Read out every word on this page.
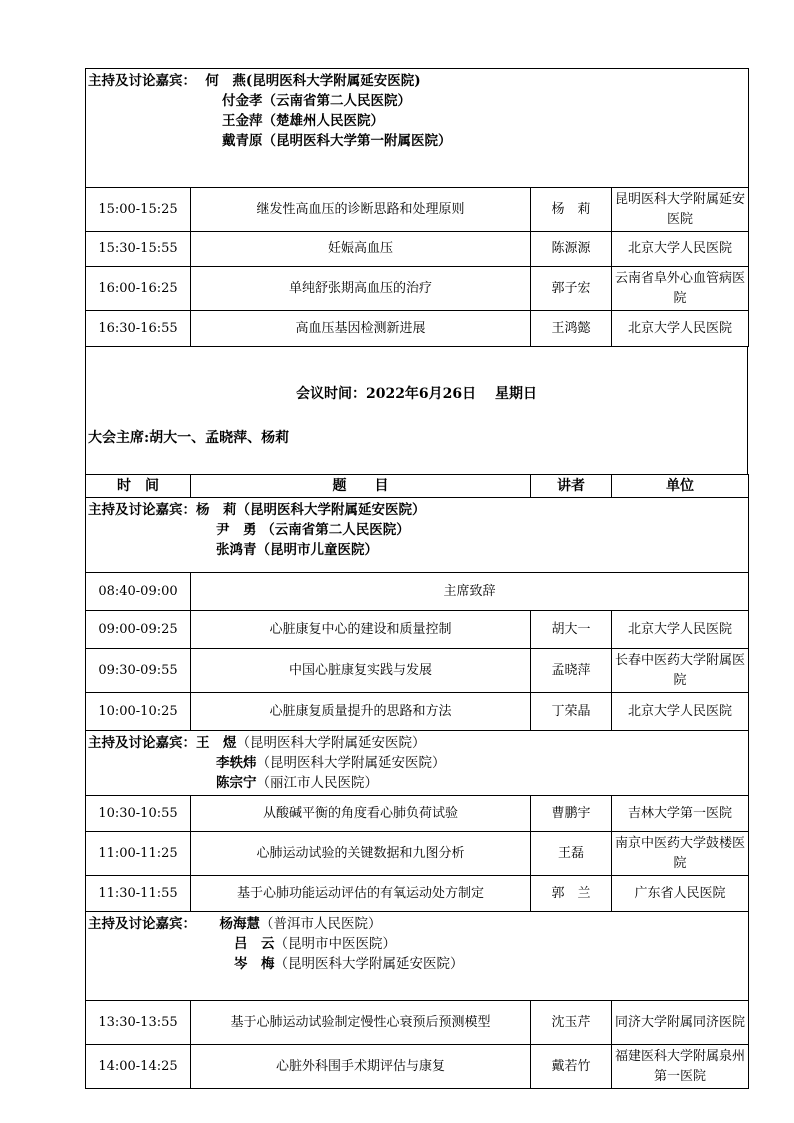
主持及讨论嘉宾： 何　燕(昆明医科大学附属延安医院)
付金孝（云南省第二人民医院）
王金萍（楚雄州人民医院）
戴青原（昆明医科大学第一附属医院）			

15:00-15:25	继发性高血压的诊断思路和处理原则	杨　莉	昆明医科大学附属延安医院
15:30-15:55	妊娠高血压	陈源源	北京大学人民医院
16:00-16:25	单纯舒张期高血压的治疗	郭子宏	云南省阜外心血管病医院
16:30-16:55	高血压基因检测新进展	王鸿懿	北京大学人民医院
会议时间：2022年6月26日　 星期日
大会主席:胡大一、孟晓萍、杨莉
时　间	题　　目	讲者	单位

主持及讨论嘉宾：杨　莉（昆明医科大学附属延安医院）
尹　勇 （云南省第二人民医院）
张鸿青（昆明市儿童医院）			

08:40-09:00	主席致辞		
09:00-09:25	心脏康复中心的建设和质量控制	胡大一	北京大学人民医院
09:30-09:55	中国心脏康复实践与发展	孟晓萍	长春中医药大学附属医院
10:00-10:25	心脏康复质量提升的思路和方法	丁荣晶	北京大学人民医院

主持及讨论嘉宾：王　煜（昆明医科大学附属延安医院）
李轶炜（昆明医科大学附属延安医院）
陈宗宁（丽江市人民医院）			

10:30-10:55	从酸碱平衡的角度看心肺负荷试验	曹鹏宇	吉林大学第一医院
11:00-11:25	心肺运动试验的关键数据和九图分析	王磊	南京中医药大学鼓楼医院
11:30-11:55	基于心肺功能运动评估的有氧运动处方制定	郭　兰	广东省人民医院

主持及讨论嘉宾： 杨海慧（普洱市人民医院）
吕　云（昆明市中医医院）
岑　梅（昆明医科大学附属延安医院）			

13:30-13:55	基于心肺运动试验制定慢性心衰预后预测模型	沈玉芹	同济大学附属同济医院
14:00-14:25	心脏外科围手术期评估与康复	戴若竹	福建医科大学附属泉州第一医院
